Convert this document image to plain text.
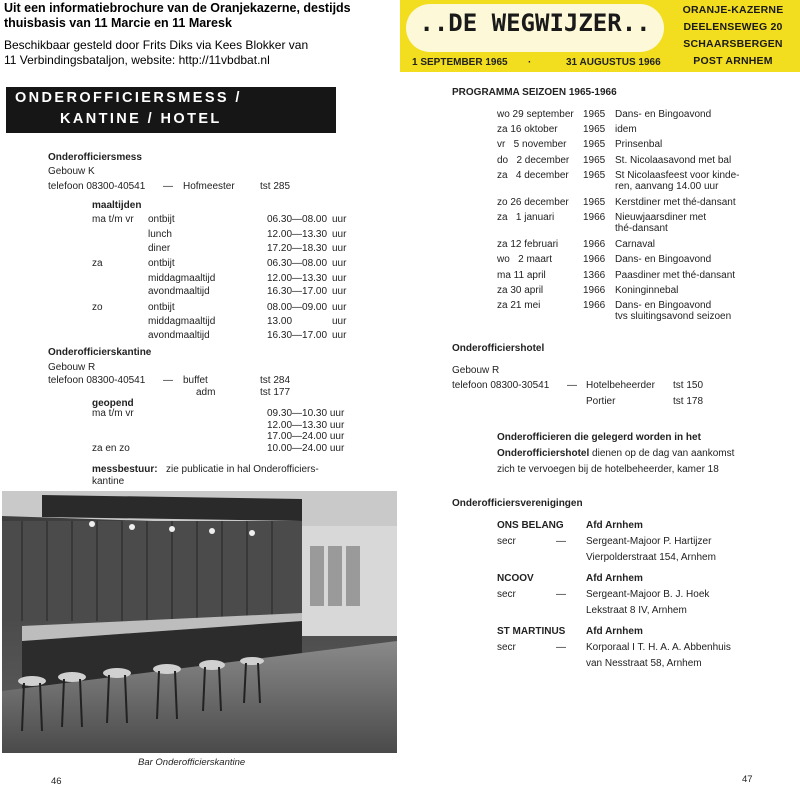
Uit een informatiebrochure van de Oranjekazerne, destijds
thuisbasis van 11 Marcie en 11 Maresk
Beschikbaar gesteld door Frits Diks via Kees Blokker van
11 Verbindingsbataljon, website: http://11vbdbat.nl
..DE WEGWIJZER..
1 SEPTEMBER 1965 ·	31 AUGUSTUS 1966
ORANJE-KAZERNE
DEELENSEWEG 20
SCHAARSBERGEN
POST ARNHEM
ONDEROFFICIERSMESS /
KANTINE / HOTEL
Onderofficiersmess
Gebouw K
telefoon 08300-40541 — Hofmeester	tst 285
maaltijden
ma t/m vr ontbijt	06.30—08.00 uur
lunch	12.00—13.30 uur
diner	17.20—18.30 uur
za	ontbijt	06.30—08.00 uur
middagmaaltijd	12.00—13.30 uur
avondmaaltijd	16.30—17.00 uur
zo	ontbijt	08.00—09.00 uur
middagmaaltijd	13.00	uur
avondmaaltijd	16.30—17.00 uur
Onderofficierskantine
Gebouw R
telefoon 08300-40541 — buffet	tst 284
adm	tst 177
geopend
ma t/m vr	09.30—10.30 uur
12.00—13.30 uur
17.00—24.00 uur
za en zo	10.00—24.00 uur
messbestuur: zie publicatie in hal Onderofficiers-
kantine
Bar Onderofficierskantine
46
PROGRAMMA SEIZOEN 1965-1966
wo 29 september 1965 Dans- en Bingoavond
za 16 oktober	1965 idem
vr   5 november 1965 Prinsenbal
do   2 december 1965 St. Nicolaasavond met bal
za   4 december 1965 St Nicolaasfeest voor kinde-
ren, aanvang 14.00 uur
zo 26 december 1965 Kerstdiner met thé-dansant
za   1 januari	1966 Nieuwjaarsdiner met
thé-dansant
za 12 februari 1966 Carnaval
wo   2 maart	1966 Dans- en Bingoavond
ma 11 april	1366 Paasdiner met thé-dansant
za 30 april	1966 Koninginnebal
za 21 mei	1966 Dans- en Bingoavond
tvs sluitingsavond seizoen
Onderofficiershotel
Gebouw R
telefoon 08300-30541 — Hotelbeheerder tst 150
Portier	tst 178
Onderofficieren die gelegerd worden in het
Onderofficiershotel dienen op de dag van aankomst
zich te vervoegen bij de hotelbeheerder, kamer 18
Onderofficiersverenigingen
ONS BELANG Afd Arnhem
secr	— Sergeant-Majoor P. Hartijzer
Vierpolderstraat 154, Arnhem
NCOOV	Afd Arnhem
secr	— Sergeant-Majoor B. J. Hoek
Lekstraat 8 IV, Arnhem
ST MARTINUS Afd Arnhem
secr	— Korporaal I T. H. A. A. Abbenhuis
van Nesstraat 58, Arnhem
47
